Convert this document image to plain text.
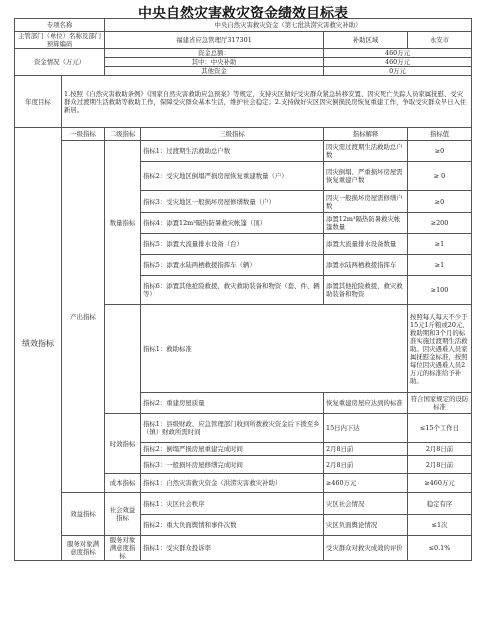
中央自然灾害救灾资金绩效目标表
专项名称		中央自然灾害救灾资金（第七批洪涝灾害救灾补助）			
主管部门（单位）名称及部门预算编码		福建省应急管理厅317301		补助区域	永安市
资金情况（万元）		资金总额：		460万元	
		其中：中央补助		460万元	
		其他资金		0万元	
年度目标	1.按照《自然灾害救助条例》《国家自然灾害救助应急预案》等规定，支持灾区做好受灾群众紧急转移安置、因灾死亡失踪人员家属抚慰、受灾群众过渡期生活救助等救助工作，保障受灾群众基本生活，维护社会稳定；2.支持做好灾区因灾倒损民房恢复重建工作，争取受灾群众早日入住新居。				
绩效指标	一级指标	二级指标	三级指标	指标解释	指标值
	产出指标	数量指标	指标1：过渡期生活救助总户数	因灾需过渡期生活救助总户数	≥0
			指标2：受灾地区倒塌严损房屋恢复重建数量（户）	因灾倒塌、严重损坏房屋需恢复重建户数	≥ 0
			指标3：受灾地区一般损坏房屋修缮数量（户）	因灾一般损坏房屋需修缮户数	≥0
			指标4：添置12m³隔热防暑救灾帐篷（顶）	添置12m³隔热防暑救灾帐篷数量	≥200
			指标5：添置大流量排水设备（台）	添置大流量排水设备数量	≥1
			指标5：添置水陆两栖救援指挥车（辆）	添置水陆两栖救援指挥车	≥1
			指标6：添置其他抢险救援、救灾救助装备和物资（套、件、辆等）	添置其他抢险救援、救灾救助装备和物资	≥100
			指标1：救助标准		按照每人每天不少于15元1斤粮或20元、救助期和3个月的标准实施过渡期生活救助。因灾遇难人员家属抚慰金标准，按照每位因灾遇难人员2万元的标准给予补助。
			指标2：重建房屋质量	恢复重建房屋应达到的标准	符合国家规定的设防标准
		时效指标	指标1：县级财政、应急管理部门收到所拨救灾资金后下拨至乡（镇）财政所需时间	15日内下达	≤15个工作日
			指标2：倒塌严损房屋重建完成时间	2月8日前	2月8日前
			指标3：一般损坏房屋修缮完成时间	2月8日前	2月8日前
		成本指标	指标1：自然灾害救灾资金（洪涝灾害救灾补助）	≥460万元	≥460万元
	效益指标	社会效益指标	指标1：灾区社会秩序	灾区社会情况	稳定有序
			指标2：重大负面舆情和事件次数	灾区负面舆论情况	≤1次
	服务对象满意度指标	服务对象满意度指标	指标1：受灾群众投诉率	受灾群众对救灾成效的评价	≤0.1%
